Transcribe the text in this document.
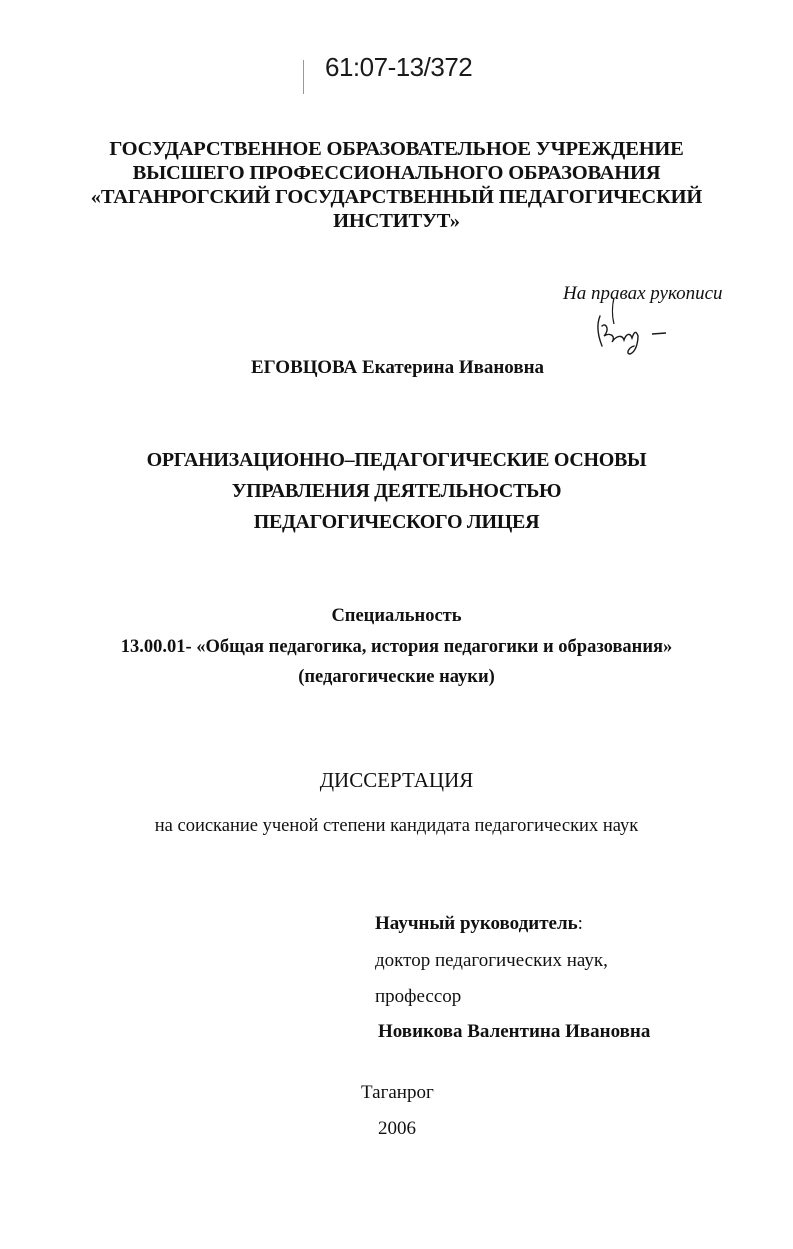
61:07-13/372
ГОСУДАРСТВЕННОЕ ОБРАЗОВАТЕЛЬНОЕ УЧРЕЖДЕНИЕ
ВЫСШЕГО ПРОФЕССИОНАЛЬНОГО ОБРАЗОВАНИЯ
«ТАГАНРОГСКИЙ ГОСУДАРСТВЕННЫЙ ПЕДАГОГИЧЕСКИЙ
ИНСТИТУТ»
На правах рукописи
ЕГОВЦОВА Екатерина Ивановна
ОРГАНИЗАЦИОННО–ПЕДАГОГИЧЕСКИЕ ОСНОВЫ
УПРАВЛЕНИЯ ДЕЯТЕЛЬНОСТЬЮ
ПЕДАГОГИЧЕСКОГО ЛИЦЕЯ
Специальность
13.00.01- «Общая педагогика, история педагогики и образования»
(педагогические науки)
ДИССЕРТАЦИЯ
на соискание ученой степени кандидата педагогических наук
Научный руководитель:
доктор педагогических наук,
профессор
Новикова Валентина Ивановна
Таганрог
2006
